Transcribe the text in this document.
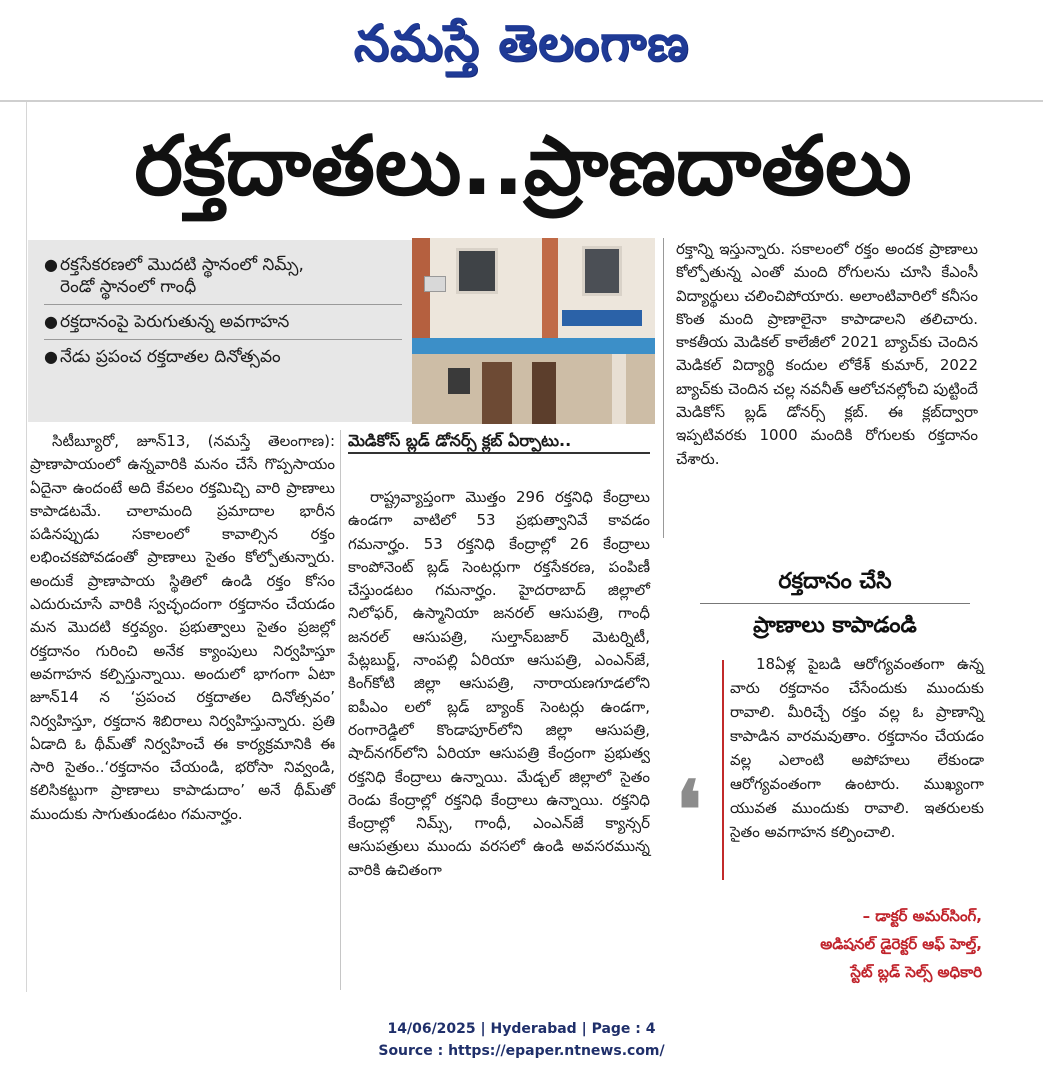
నమస్తే తెలంగాణ
రక్తదాతలు..ప్రాణదాతలు
● రక్తసేకరణలో మొదటి స్థానంలో నిమ్స్,
రెండో స్థానంలో గాంధీ
● రక్తదానంపై పెరుగుతున్న అవగాహన
● నేడు ప్రపంచ రక్తదాతల దినోత్సవం
మెడికోస్ బ్లడ్ డోనర్స్ క్లబ్ ఏర్పాటు..

సిటీబ్యూరో, జూన్13, (నమస్తే తెలంగాణ): ప్రాణాపాయంలో ఉన్నవారికి మనం చేసే గొప్పసాయం ఏదైనా ఉందంటే అది కేవలం రక్తమిచ్చి వారి ప్రాణాలు కాపాడటమే. చాలామంది ప్రమాదాల భారీన పడినప్పుడు సకాలంలో కావాల్సిన రక్తం లభించకపోవడంతో ప్రాణాలు సైతం కోల్పోతున్నారు. అందుకే ప్రాణాపాయ స్థితిలో ఉండి రక్తం కోసం ఎదురుచూసే వారికి స్వచ్ఛందంగా రక్తదానం చేయడం మన మొదటి కర్తవ్యం. ప్రభుత్వాలు సైతం ప్రజల్లో రక్తదానం గురించి అనేక క్యాంపులు నిర్వహిస్తూ అవగాహన కల్పిస్తున్నాయి. అందులో భాగంగా ఏటా జూన్14 న ‘ప్రపంచ రక్తదాతల దినోత్సవం’ నిర్వహిస్తూ, రక్తదాన శిబిరాలు నిర్వహిస్తున్నారు. ప్రతి ఏడాది ఓ థీమ్‌తో నిర్వహించే ఈ కార్యక్రమానికి ఈ సారి సైతం..‘రక్తదానం చేయండి, భరోసా నివ్వండి, కలిసికట్టుగా ప్రాణాలు కాపాడుదాం’ అనే థీమ్‌తో ముందుకు సాగుతుండటం గమనార్హం.

రాష్ట్రవ్యాప్తంగా మొత్తం 296 రక్తనిధి కేంద్రాలు ఉండగా వాటిలో 53 ప్రభుత్వానివే కావడం గమనార్హం. 53 రక్తనిధి కేంద్రాల్లో 26 కేంద్రాలు కాంపోనెంట్ బ్లడ్ సెంటర్లుగా రక్తసేకరణ, పంపిణీ చేస్తుండటం గమనార్హం. హైదరాబాద్ జిల్లాలో నిలోఫర్, ఉస్మానియా జనరల్ ఆసుపత్రి, గాంధీ జనరల్ ఆసుపత్రి, సుల్తాన్‌బజార్ మెటర్నిటీ, పేట్లబుర్జ్, నాంపల్లి ఏరియా ఆసుపత్రి, ఎంఎన్‌జే, కింగ్‌కోటి జిల్లా ఆసుపత్రి, నారాయణగూడలోని ఐపీఎం లలో బ్లడ్ బ్యాంక్ సెంటర్లు ఉండగా, రంగారెడ్డిలో కొండాపూర్‌లోని జిల్లా ఆసుపత్రి, షాద్‌నగర్‌లోని ఏరియా ఆసుపత్రి కేంద్రంగా ప్రభుత్వ రక్తనిధి కేంద్రాలు ఉన్నాయి. మేడ్చల్ జిల్లాలో సైతం రెండు కేంద్రాల్లో రక్తనిధి కేంద్రాలు ఉన్నాయి. రక్తనిధి కేంద్రాల్లో నిమ్స్, గాంధీ, ఎంఎన్‌జే క్యాన్సర్ ఆసుపత్రులు ముందు వరసలో ఉండి అవసరమున్న వారికి ఉచితంగా

రక్తాన్ని ఇస్తున్నారు. సకాలంలో రక్తం అందక ప్రాణాలు కోల్పోతున్న ఎంతో మంది రోగులను చూసి కేఎంసీ విద్యార్థులు చలించిపోయారు. అలాంటివారిలో కనీసం కొంత మంది ప్రాణాలైనా కాపాడాలని తలిచారు. కాకతీయ మెడికల్ కాలేజీలో 2021 బ్యాచ్‌కు చెందిన మెడికల్ విద్యార్థి కందుల లోకేశ్ కుమార్, 2022 బ్యాచ్‌కు చెందిన చల్ల నవనీత్ ఆలోచనల్లోంచి పుట్టిందే మెడికోస్ బ్లడ్ డోనర్స్ క్లబ్. ఈ క్లబ్‌ద్వారా ఇప్పటివరకు 1000 మందికి రోగులకు రక్తదానం చేశారు.

రక్తదానం చేసి
ప్రాణాలు కాపాడండి
❛

18ఏళ్ల పైబడి ఆరోగ్యవంతంగా ఉన్న వారు రక్తదానం చేసేందుకు ముందుకు రావాలి. మీరిచ్చే రక్తం వల్ల ఓ ప్రాణాన్ని కాపాడిన వారమవుతాం. రక్తదానం చేయడం వల్ల ఎలాంటి అపోహలు లేకుండా ఆరోగ్యవంతంగా ఉంటారు. ముఖ్యంగా యువత ముందుకు రావాలి. ఇతరులకు సైతం అవగాహన కల్పించాలి.

– డాక్టర్ అమర్‌సింగ్,
అడిషనల్ డైరెక్టర్ ఆఫ్ హెల్త్,
స్టేట్ బ్లడ్ సెల్స్ అధికారి
14/06/2025 | Hyderabad | Page : 4
Source : https://epaper.ntnews.com/
